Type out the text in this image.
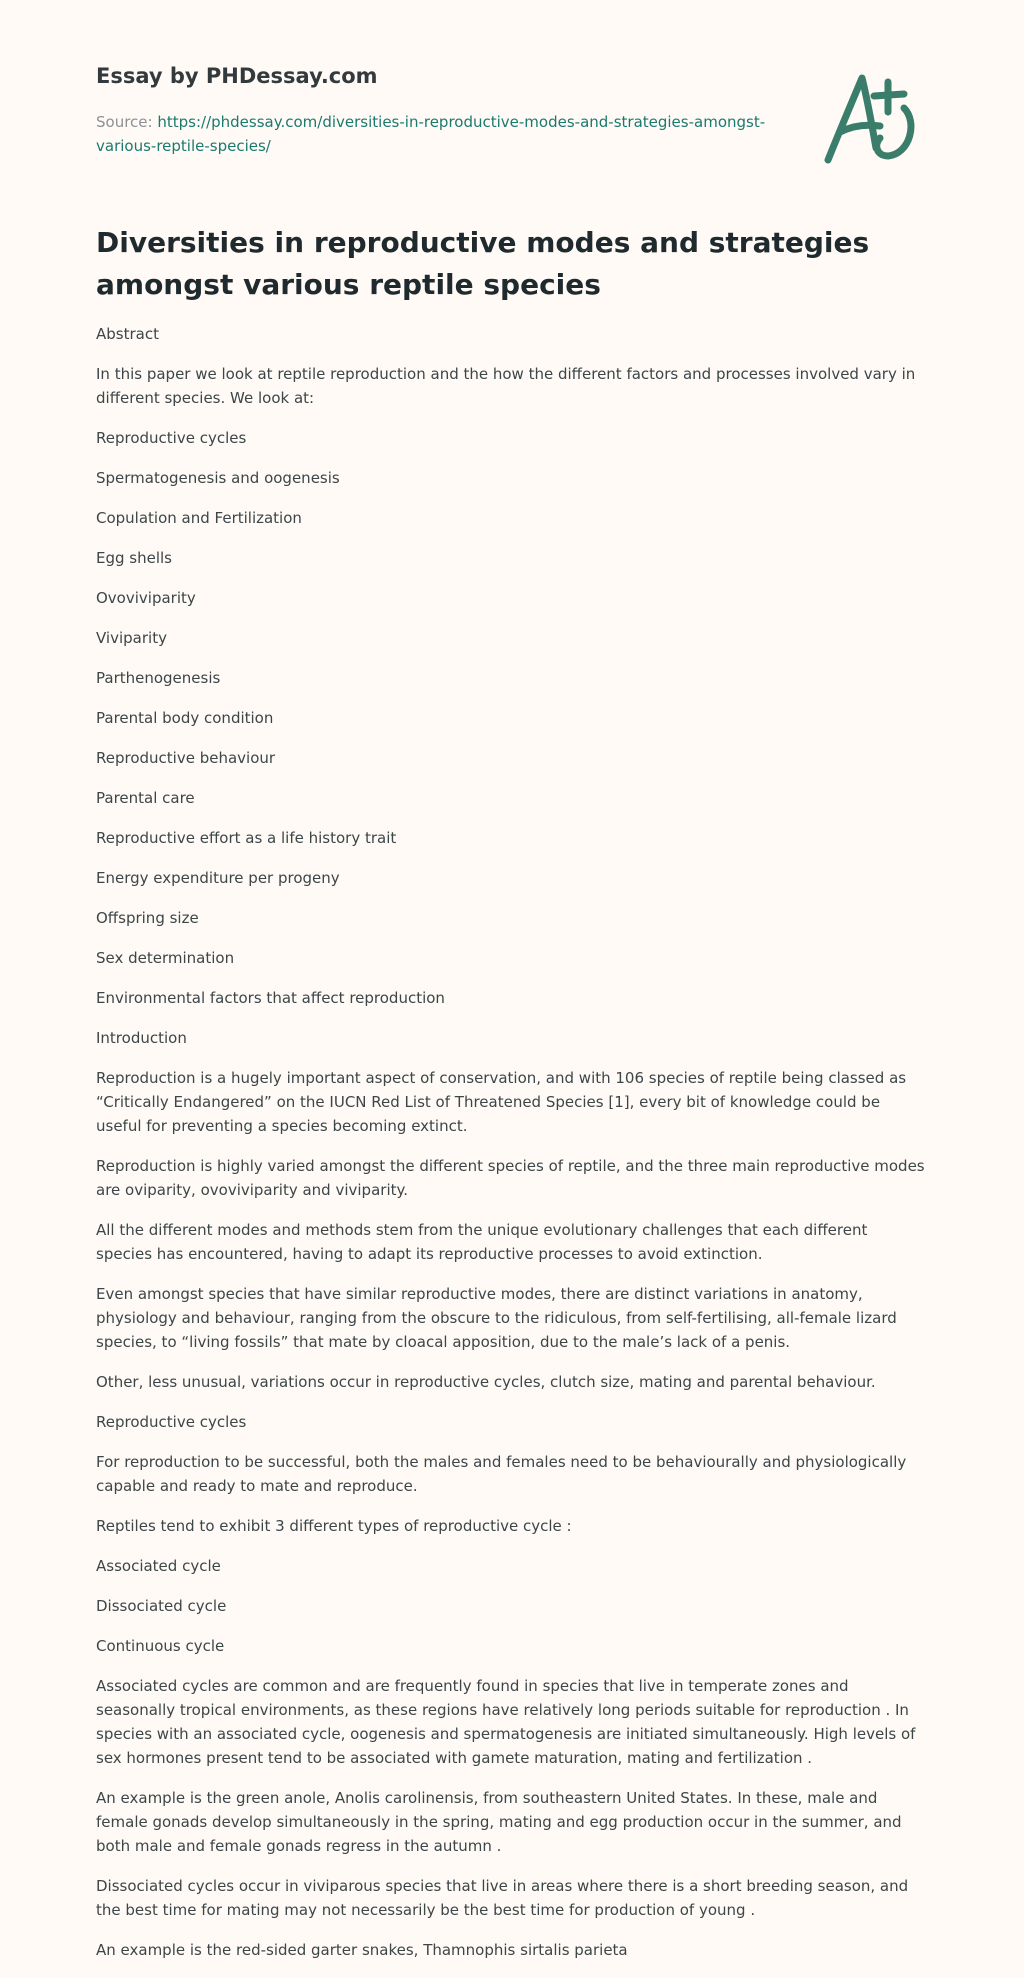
Essay by PHDessay.com
Source: https://phdessay.com/diversities-in-reproductive-modes-and-strategies-amongst-various-reptile-species/
Diversities in reproductive modes and strategies amongst various reptile species

Abstract

In this paper we look at reptile reproduction and the how the different factors and processes involved vary in different species. We look at:

Reproductive cycles

Spermatogenesis and oogenesis

Copulation and Fertilization

Egg shells

Ovoviviparity

Viviparity

Parthenogenesis

Parental body condition

Reproductive behaviour

Parental care

Reproductive effort as a life history trait

Energy expenditure per progeny

Offspring size

Sex determination

Environmental factors that affect reproduction

Introduction

Reproduction is a hugely important aspect of conservation, and with 106 species of reptile being classed as “Critically Endangered” on the IUCN Red List of Threatened Species [1], every bit of knowledge could be useful for preventing a species becoming extinct.

Reproduction is highly varied amongst the different species of reptile, and the three main reproductive modes are oviparity, ovoviviparity and viviparity.

All the different modes and methods stem from the unique evolutionary challenges that each different species has encountered, having to adapt its reproductive processes to avoid extinction.

Even amongst species that have similar reproductive modes, there are distinct variations in anatomy, physiology and behaviour, ranging from the obscure to the ridiculous, from self-fertilising, all-female lizard species, to “living fossils” that mate by cloacal apposition, due to the male’s lack of a penis.

Other, less unusual, variations occur in reproductive cycles, clutch size, mating and parental behaviour.

Reproductive cycles

For reproduction to be successful, both the males and females need to be behaviourally and physiologically capable and ready to mate and reproduce.

Reptiles tend to exhibit 3 different types of reproductive cycle :

Associated cycle

Dissociated cycle

Continuous cycle

Associated cycles are common and are frequently found in species that live in temperate zones and seasonally tropical environments, as these regions have relatively long periods suitable for reproduction . In species with an associated cycle, oogenesis and spermatogenesis are initiated simultaneously. High levels of sex hormones present tend to be associated with gamete maturation, mating and fertilization .

An example is the green anole, Anolis carolinensis, from southeastern United States. In these, male and female gonads develop simultaneously in the spring, mating and egg production occur in the summer, and both male and female gonads regress in the autumn .

Dissociated cycles occur in viviparous species that live in areas where there is a short breeding season, and the best time for mating may not necessarily be the best time for production of young .

An example is the red-sided garter snakes, Thamnophis sirtalis parieta
